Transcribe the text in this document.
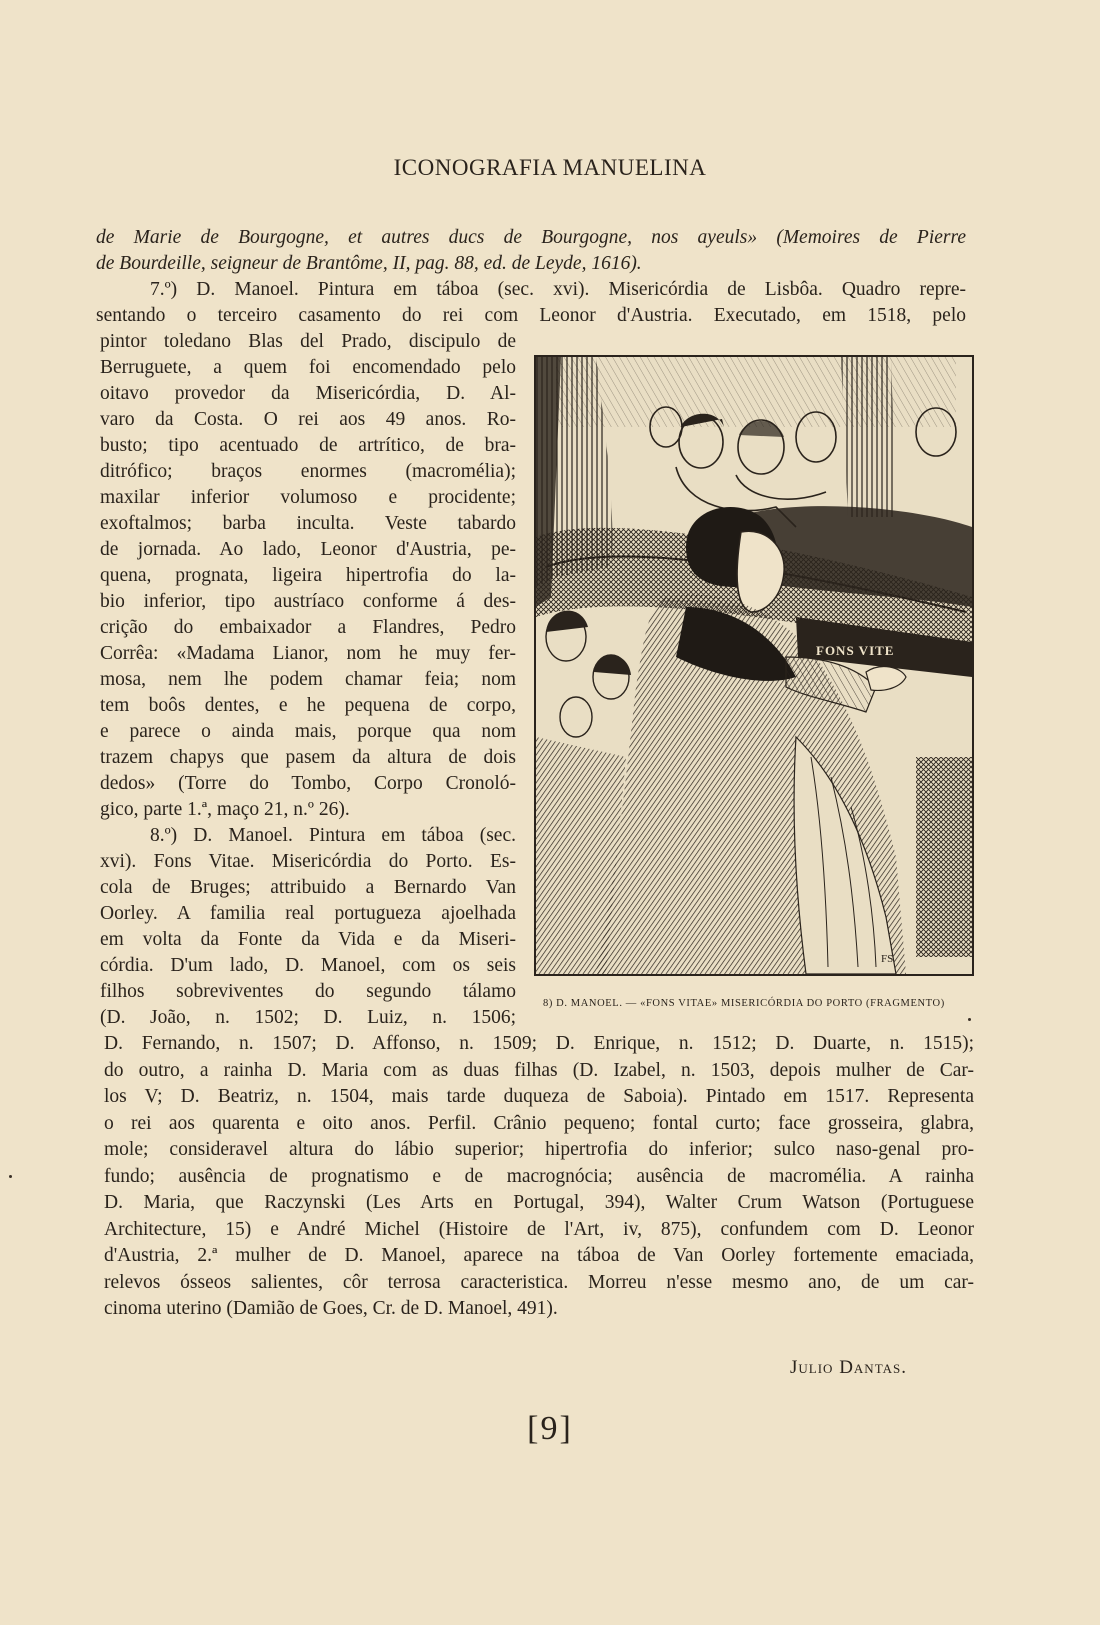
ICONOGRAFIA MANUELINA
de Marie de Bourgogne, et autres ducs de Bourgogne, nos ayeuls» (Memoires de Pierre
de Bourdeille, seigneur de Brantôme, II, pag. 88, ed. de Leyde, 1616).
7.º) D. Manoel. Pintura em táboa (sec. xvi). Misericórdia de Lisbôa. Quadro repre-
sentando o terceiro casamento do rei com Leonor d'Austria. Executado, em 1518, pelo
pintor toledano Blas del Prado, discipulo de
Berruguete, a quem foi encomendado pelo
oitavo provedor da Misericórdia, D. Al-
varo da Costa. O rei aos 49 anos. Ro-
busto; tipo acentuado de artrítico, de bra-
ditrófico; braços enormes (macromélia);
maxilar inferior volumoso e procidente;
exoftalmos; barba inculta. Veste tabardo
de jornada. Ao lado, Leonor d'Austria, pe-
quena, prognata, ligeira hipertrofia do la-
bio inferior, tipo austríaco conforme á des-
crição do embaixador a Flandres, Pedro
Corrêa: «Madama Lianor, nom he muy fer-
mosa, nem lhe podem chamar feia; nom
tem boôs dentes, e he pequena de corpo,
e parece o ainda mais, porque qua nom
trazem chapys que pasem da altura de dois
dedos» (Torre do Tombo, Corpo Cronoló-
gico, parte 1.ª, maço 21, n.º 26).
8.º) D. Manoel. Pintura em táboa (sec.
xvi). Fons Vitae. Misericórdia do Porto. Es-
cola de Bruges; attribuido a Bernardo Van
Oorley. A familia real portugueza ajoelhada
em volta da Fonte da Vida e da Miseri-
córdia. D'um lado, D. Manoel, com os seis
filhos sobreviventes do segundo tálamo
(D. João, n. 1502; D. Luiz, n. 1506;
FONS VITE
FS
8) D. MANOEL. — «FONS VITAE» MISERICÓRDIA DO PORTO (FRAGMENTO)
D. Fernando, n. 1507; D. Affonso, n. 1509; D. Enrique, n. 1512; D. Duarte, n. 1515);
do outro, a rainha D. Maria com as duas filhas (D. Izabel, n. 1503, depois mulher de Car-
los V; D. Beatriz, n. 1504, mais tarde duqueza de Saboia). Pintado em 1517. Representa
o rei aos quarenta e oito anos. Perfil. Crânio pequeno; fontal curto; face grosseira, glabra,
mole; consideravel altura do lábio superior; hipertrofia do inferior; sulco naso-genal pro-
fundo; ausência de prognatismo e de macrognócia; ausência de macromélia. A rainha
D. Maria, que Raczynski (Les Arts en Portugal, 394), Walter Crum Watson (Portuguese
Architecture, 15) e André Michel (Histoire de l'Art, iv, 875), confundem com D. Leonor
d'Austria, 2.ª mulher de D. Manoel, aparece na táboa de Van Oorley fortemente emaciada,
relevos ósseos salientes, côr terrosa caracteristica. Morreu n'esse mesmo ano, de um car-
cinoma uterino (Damião de Goes, Cr. de D. Manoel, 491).
Julio Dantas.
[9]
